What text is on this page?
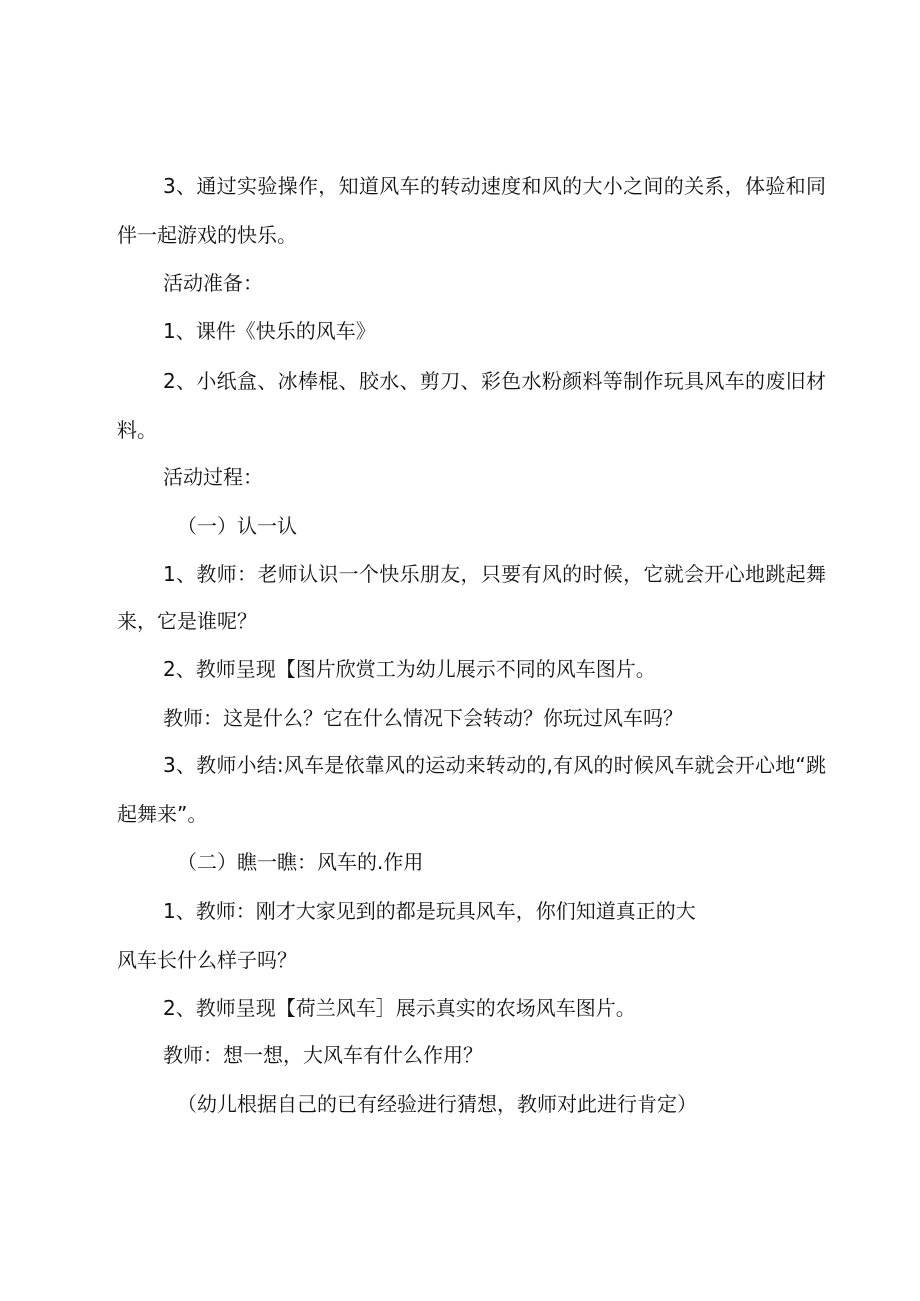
3、通过实验操作，知道风车的转动速度和风的大小之间的关系，体验和同
伴一起游戏的快乐。
活动准备：
1、课件《快乐的风车》
2、小纸盒、冰棒棍、胶水、剪刀、彩色水粉颜料等制作玩具风车的废旧材
料。
活动过程：
（一）认一认
1、教师：老师认识一个快乐朋友，只要有风的时候，它就会开心地跳起舞
来，它是谁呢？
2、教师呈现【图片欣赏工为幼儿展示不同的风车图片。
教师：这是什么？它在什么情况下会转动？你玩过风车吗？
3、教师小结:风车是依靠风的运动来转动的,有风的时候风车就会开心地“跳
起舞来”。
（二）瞧一瞧：风车的.作用
1、教师：刚才大家见到的都是玩具风车，你们知道真正的大
风车长什么样子吗？
2、教师呈现【荷兰风车］展示真实的农场风车图片。
教师：想一想，大风车有什么作用？
（幼儿根据自己的已有经验进行猜想，教师对此进行肯定）
